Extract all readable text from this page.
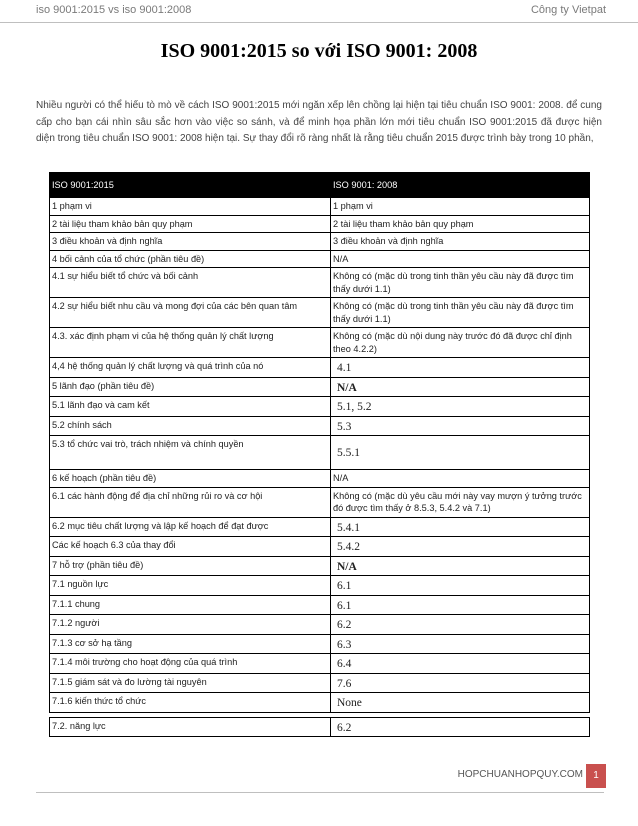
iso 9001:2015 vs iso 9001:2008	Công ty Vietpat
ISO 9001:2015 so với ISO 9001: 2008
Nhiều người có thể hiếu tò mò về cách ISO 9001:2015 mới ngăn xếp lên chồng lại hiện tại tiêu chuẩn ISO 9001: 2008. để cung cấp cho bạn cái nhìn sâu sắc hơn vào việc so sánh, và để minh họa phần lớn mới tiêu chuẩn ISO 9001:2015 đã được hiện diện trong tiêu chuẩn ISO 9001: 2008 hiện tại. Sự thay đổi rõ ràng nhất là rằng tiêu chuẩn 2015 được trình bày trong 10 phần,
ISO 9001:2015	ISO 9001: 2008
1 phạm vi	1 phạm vi
2 tài liệu tham khảo bản quy phạm	2 tài liệu tham khảo bản quy phạm
3 điều khoản và định nghĩa	3 điều khoản và định nghĩa
4 bối cảnh của tổ chức (phần tiêu đề)	N/A
4.1 sự hiểu biết tổ chức và bối cảnh	Không có (mặc dù trong tinh thần yêu cầu này đã được tìm thấy dưới 1.1)
4.2 sự hiểu biết nhu cầu và mong đợi của các bên quan tâm	Không có (mặc dù trong tinh thần yêu cầu này đã được tìm thấy dưới 1.1)
4.3. xác định phạm vi của hệ thống quản lý chất lượng	Không có (mặc dù nội dung này trước đó đã được chỉ định theo 4.2.2)
4,4 hệ thống quản lý chất lượng và quá trình của nó	4.1
5 lãnh đạo (phần tiêu đề)	N/A
5.1 lãnh đạo và cam kết	5.1, 5.2
5.2 chính sách	5.3
5.3 tổ chức vai trò, trách nhiệm và chính quyền	5.5.1
6 kế hoạch (phần tiêu đề)	N/A
6.1 các hành động để địa chỉ những rủi ro và cơ hội	Không có (mặc dù yêu cầu mới này vay mượn ý tưởng trước đó được tìm thấy ở 8.5.3, 5.4.2 và 7.1)
6.2 mục tiêu chất lượng và lập kế hoạch để đạt được	5.4.1
Các kế hoạch 6.3 của thay đổi	5.4.2
7 hỗ trợ (phần tiêu đề)	N/A
7.1 nguồn lực	6.1
7.1.1 chung	6.1
7.1.2 người	6.2
7.1.3 cơ sở hạ tầng	6.3
7.1.4 môi trường cho hoạt động của quá trình	6.4
7.1.5 giám sát và đo lường tài nguyên	7.6
7.1.6 kiến thức tổ chức	None

7.2. năng lực	6.2
HOPCHUANHOPQUY.COM	1
